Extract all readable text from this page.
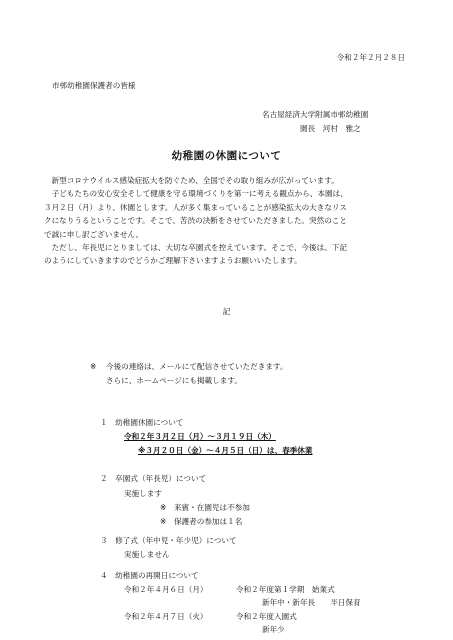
令和２年２月２８日
市邨幼稚園保護者の皆様
名古屋経済大学附属市邨幼稚園
園長　河村　雅之
幼稚園の休園について

　新型コロナウイルス感染症拡大を防ぐため、全国でその取り組みが広がっています。

　子どもたちの安心安全そして健康を守る環境づくりを第一に考える観点から、本園は、

３月２日（月）より、休園とします。人が多く集まっていることが感染拡大の大きなリス

クになりうるということです。そこで、苦渋の決断をさせていただきました。突然のこと

で誠に申し訳ございません。

　ただし、年長児にとりましては、大切な卒園式を控えています。そこで、今後は、下記

のようにしていきますのでどうかご理解下さいますようお願いいたします。

記
１　幼稚園休園について
令和２年３月２日（月）～３月１９日（木）
※３月２０日（金）～４月５日（日）は、春季休業
２　卒園式（年長児）について
実施します
※　来賓・在園児は不参加
※　保護者の参加は１名
３　修了式（年中児・年少児）について
実施しません
４　幼稚園の再開日について
令和２年４月６日（月）	令和２年度第１学期　始業式
新年中・新年長　　半日保育
令和２年４月７日（火）	令和２年度入園式
新年少
※ 今後の連絡は、メールにて配信させていただきます。
さらに、ホームページにも掲載します。
